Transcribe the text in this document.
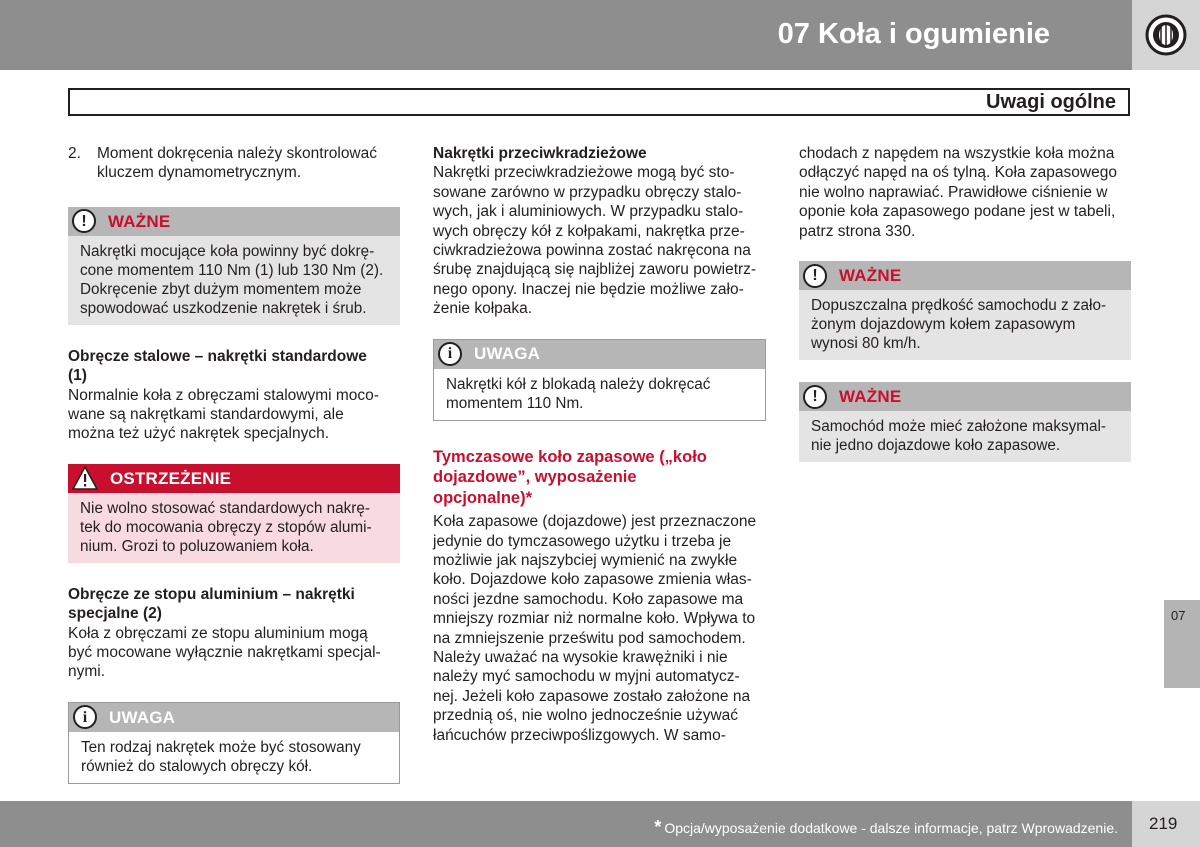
07 Koła i ogumienie
Uwagi ogólne
2.	Moment dokręcenia należy skontrolować
kluczem dynamometrycznym.

!	WAŻNE
Nakrętki mocujące koła powinny być dokrę-
cone momentem 110 Nm (1) lub 130 Nm (2).
Dokręcenie zbyt dużym momentem może
spowodować uszkodzenie nakrętek i śrub.
Obręcze stalowe – nakrętki standardowe
(1)

Normalnie koła z obręczami stalowymi moco-
wane są nakrętkami standardowymi, ale
można też użyć nakrętek specjalnych.

OSTRZEŻENIE
Nie wolno stosować standardowych nakrę-
tek do mocowania obręczy z stopów alumi-
nium. Grozi to poluzowaniem koła.
Obręcze ze stopu aluminium – nakrętki
specjalne (2)

Koła z obręczami ze stopu aluminium mogą
być mocowane wyłącznie nakrętkami specjal-
nymi.

i	UWAGA
Ten rodzaj nakrętek może być stosowany
również do stalowych obręczy kół.
Nakrętki przeciwkradzieżowe

Nakrętki przeciwkradzieżowe mogą być sto-
sowane zarówno w przypadku obręczy stalo-
wych, jak i aluminiowych. W przypadku stalo-
wych obręczy kół z kołpakami, nakrętka prze-
ciwkradzieżowa powinna zostać nakręcona na
śrubę znajdującą się najbliżej zaworu powietrz-
nego opony. Inaczej nie będzie możliwe zało-
żenie kołpaka.

i	UWAGA
Nakrętki kół z blokadą należy dokręcać
momentem 110 Nm.
Tymczasowe koło zapasowe („koło
dojazdowe”, wyposażenie
opcjonalne)*

Koła zapasowe (dojazdowe) jest przeznaczone
jedynie do tymczasowego użytku i trzeba je
możliwie jak najszybciej wymienić na zwykłe
koło. Dojazdowe koło zapasowe zmienia włas-
ności jezdne samochodu. Koło zapasowe ma
mniejszy rozmiar niż normalne koło. Wpływa to
na zmniejszenie prześwitu pod samochodem.
Należy uważać na wysokie krawężniki i nie
należy myć samochodu w myjni automatycz-
nej. Jeżeli koło zapasowe zostało założone na
przednią oś, nie wolno jednocześnie używać
łańcuchów przeciwpoślizgowych. W samo-

chodach z napędem na wszystkie koła można
odłączyć napęd na oś tylną. Koła zapasowego
nie wolno naprawiać. Prawidłowe ciśnienie w
oponie koła zapasowego podane jest w tabeli,
patrz strona 330.

!	WAŻNE
Dopuszczalna prędkość samochodu z zało-
żonym dojazdowym kołem zapasowym
wynosi 80 km/h.
!	WAŻNE
Samochód może mieć założone maksymal-
nie jedno dojazdowe koło zapasowe.
07
* Opcja/wyposażenie dodatkowe - dalsze informacje, patrz Wprowadzenie. 219
